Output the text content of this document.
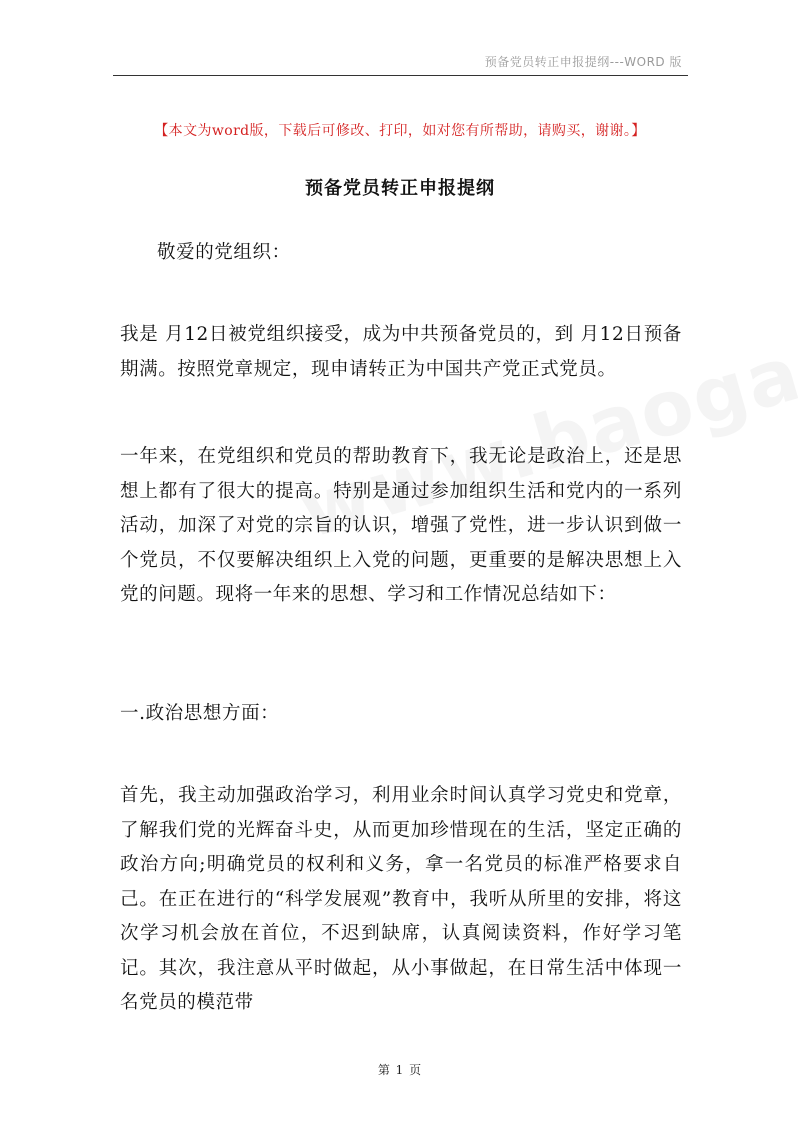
预备党员转正申报提纲---WORD 版
【本文为word版，下载后可修改、打印，如对您有所帮助，请购买，谢谢。】
预备党员转正申报提纲
敬爱的党组织：

我是 月12日被党组织接受，成为中共预备党员的，到 月12日预备期满。按照党章规定，现申请转正为中国共产党正式党员。

一年来，在党组织和党员的帮助教育下，我无论是政治上，还是思想上都有了很大的提高。特别是通过参加组织生活和党内的一系列活动，加深了对党的宗旨的认识，增强了党性，进一步认识到做一个党员，不仅要解决组织上入党的问题，更重要的是解决思想上入党的问题。现将一年来的思想、学习和工作情况总结如下：

一.政治思想方面：

首先，我主动加强政治学习，利用业余时间认真学习党史和党章，了解我们党的光辉奋斗史，从而更加珍惜现在的生活，坚定正确的政治方向;明确党员的权利和义务，拿一名党员的标准严格要求自己。在正在进行的“科学发展观”教育中，我听从所里的安排，将这次学习机会放在首位，不迟到缺席，认真阅读资料，作好学习笔记。其次，我注意从平时做起，从小事做起，在日常生活中体现一名党员的模范带

第 1 页
